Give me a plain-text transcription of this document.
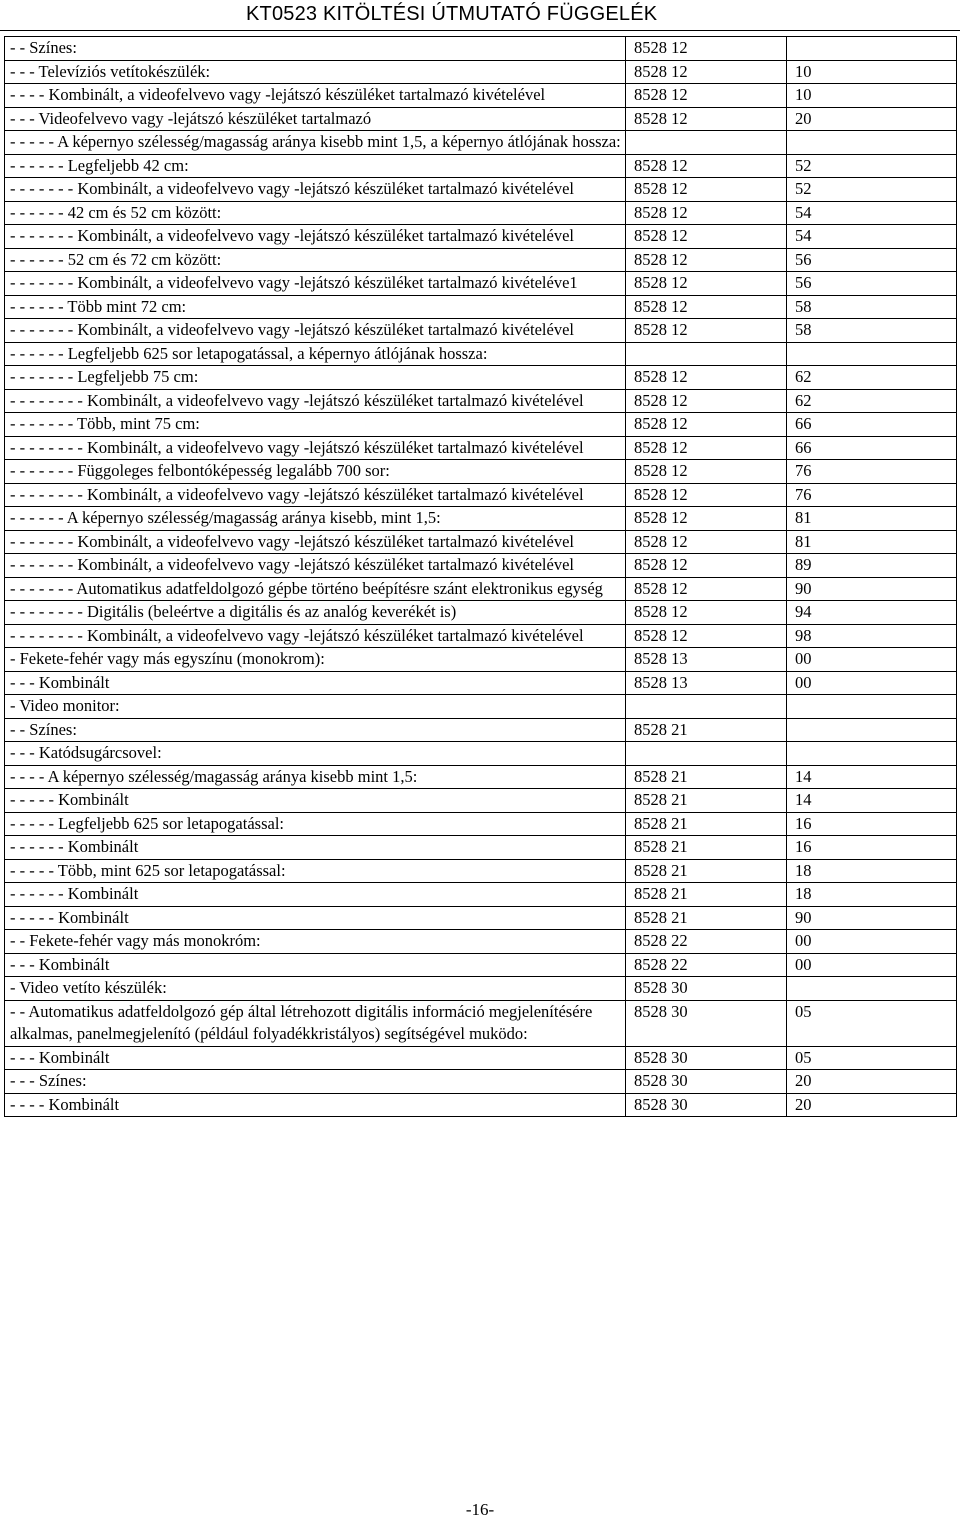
KT0523 KITÖLTÉSI ÚTMUTATÓ FÜGGELÉK
- - Színes:	8528 12	
- - - Televíziós vetítokészülék:	8528 12	10
- - - - Kombinált, a videofelvevo vagy -lejátszó készüléket tartalmazó kivételével	8528 12	10
- - - Videofelvevo vagy -lejátszó készüléket tartalmazó	8528 12	20
- - - - - A képernyo szélesség/magasság aránya kisebb mint 1,5, a képernyo átlójának hossza:		
- - - - - - Legfeljebb 42 cm:	8528 12	52
- - - - - - - Kombinált, a videofelvevo vagy -lejátszó készüléket tartalmazó kivételével	8528 12	52
- - - - - - 42 cm és 52 cm között:	8528 12	54
- - - - - - - Kombinált, a videofelvevo vagy -lejátszó készüléket tartalmazó kivételével	8528 12	54
- - - - - - 52 cm és 72 cm között:	8528 12	56
- - - - - - - Kombinált, a videofelvevo vagy -lejátszó készüléket tartalmazó kivételéve1	8528 12	56
- - - - - - Több mint 72 cm:	8528 12	58
- - - - - - - Kombinált, a videofelvevo vagy -lejátszó készüléket tartalmazó kivételével	8528 12	58
- - - - - - Legfeljebb 625 sor letapogatással, a képernyo átlójának hossza:		
- - - - - - - Legfeljebb 75 cm:	8528 12	62
- - - - - - - - Kombinált, a videofelvevo vagy -lejátszó készüléket tartalmazó kivételével	8528 12	62
- - - - - - - Több, mint 75 cm:	8528 12	66
- - - - - - - - Kombinált, a videofelvevo vagy -lejátszó készüléket tartalmazó kivételével	8528 12	66
- - - - - - - Függoleges felbontóképesség legalább 700 sor:	8528 12	76
- - - - - - - - Kombinált, a videofelvevo vagy -lejátszó készüléket tartalmazó kivételével	8528 12	76
- - - - - - A képernyo szélesség/magasság aránya kisebb, mint 1,5:	8528 12	81
- - - - - - - Kombinált, a videofelvevo vagy -lejátszó készüléket tartalmazó kivételével	8528 12	81
- - - - - - - Kombinált, a videofelvevo vagy -lejátszó készüléket tartalmazó kivételével	8528 12	89
- - - - - - - Automatikus adatfeldolgozó gépbe történo beépítésre szánt elektronikus egység	8528 12	90
- - - - - - - - Digitális (beleértve a digitális és az analóg keverékét is)	8528 12	94
- - - - - - - - Kombinált, a videofelvevo vagy -lejátszó készüléket tartalmazó kivételével	8528 12	98
- Fekete-fehér vagy más egyszínu (monokrom):	8528 13	00
- - - Kombinált	8528 13	00
- Video monitor:		
- - Színes:	8528 21	
- - - Katódsugárcsovel:		
- - - - A képernyo szélesség/magasság aránya kisebb mint 1,5:	8528 21	14
- - - - - Kombinált	8528 21	14
- - - - - Legfeljebb 625 sor letapogatással:	8528 21	16
- - - - - - Kombinált	8528 21	16
- - - - - Több, mint 625 sor letapogatással:	8528 21	18
- - - - - - Kombinált	8528 21	18
- - - - - Kombinált	8528 21	90
- - Fekete-fehér vagy más monokróm:	8528 22	00
- - - Kombinált	8528 22	00
- Video vetíto készülék:	8528 30	
- - Automatikus adatfeldolgozó gép által létrehozott digitális információ megjelenítésére alkalmas, panelmegjelenító (például folyadékkristályos) segítségével muködo:	8528 30	05
- - - Kombinált	8528 30	05
- - - Színes:	8528 30	20
- - - - Kombinált	8528 30	20
-16-
